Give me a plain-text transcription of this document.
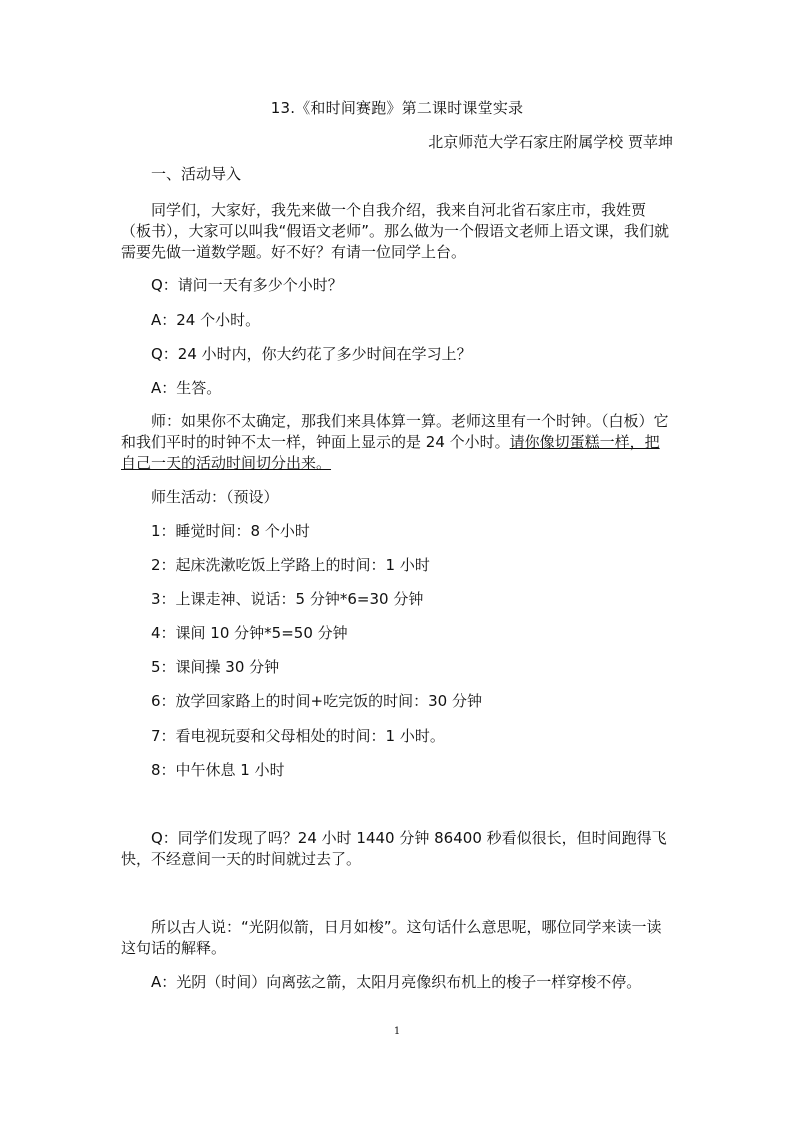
13.《和时间赛跑》第二课时课堂实录
北京师范大学石家庄附属学校 贾苹坤

一、活动导入

同学们，大家好，我先来做一个自我介绍，我来自河北省石家庄市，我姓贾（板书），大家可以叫我“假语文老师”。那么做为一个假语文老师上语文课，我们就需要先做一道数学题。好不好？有请一位同学上台。

Q：请问一天有多少个小时？

A：24 个小时。

Q：24 小时内，你大约花了多少时间在学习上？

A：生答。

师：如果你不太确定，那我们来具体算一算。老师这里有一个时钟。（白板）它和我们平时的时钟不太一样，钟面上显示的是 24 个小时。请你像切蛋糕一样，把自己一天的活动时间切分出来。

师生活动：（预设）

1：睡觉时间：8 个小时

2：起床洗漱吃饭上学路上的时间：1 小时

3：上课走神、说话：5 分钟*6=30 分钟

4：课间 10 分钟*5=50 分钟

5：课间操 30 分钟

6：放学回家路上的时间+吃完饭的时间：30 分钟

7：看电视玩耍和父母相处的时间：1 小时。

8：中午休息 1 小时

Q：同学们发现了吗？24 小时 1440 分钟 86400 秒看似很长，但时间跑得飞快，不经意间一天的时间就过去了。

所以古人说：“光阴似箭，日月如梭”。这句话什么意思呢，哪位同学来读一读这句话的解释。

A：光阴（时间）向离弦之箭，太阳月亮像织布机上的梭子一样穿梭不停。

1
